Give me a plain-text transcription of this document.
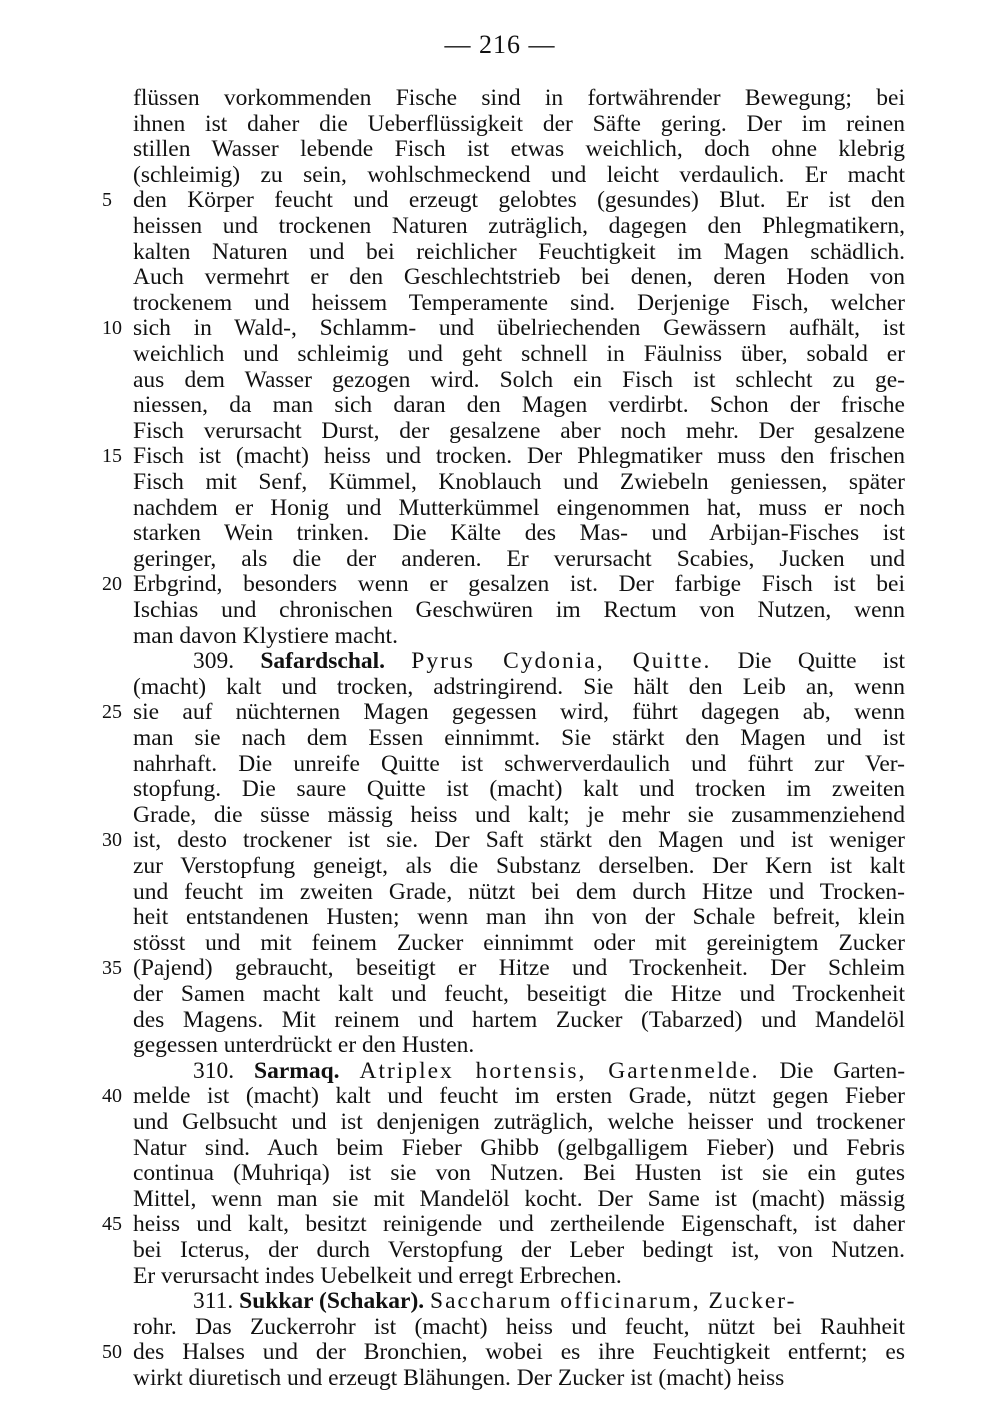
— 216 —
flüssen vorkommenden Fische sind in fortwährender Bewegung; bei
ihnen ist daher die Ueberflüssigkeit der Säfte gering. Der im reinen
stillen Wasser lebende Fisch ist etwas weichlich, doch ohne klebrig
(schleimig) zu sein, wohlschmeckend und leicht verdaulich. Er macht
den Körper feucht und erzeugt gelobtes (gesundes) Blut. Er ist den
heissen und trockenen Naturen zuträglich, dagegen den Phlegmatikern,
kalten Naturen und bei reichlicher Feuchtigkeit im Magen schädlich.
Auch vermehrt er den Geschlechtstrieb bei denen, deren Hoden von
trockenem und heissem Temperamente sind. Derjenige Fisch, welcher
sich in Wald-, Schlamm- und übelriechenden Gewässern aufhält, ist
weichlich und schleimig und geht schnell in Fäulniss über, sobald er
aus dem Wasser gezogen wird. Solch ein Fisch ist schlecht zu ge-
niessen, da man sich daran den Magen verdirbt. Schon der frische
Fisch verursacht Durst, der gesalzene aber noch mehr. Der gesalzene
Fisch ist (macht) heiss und trocken. Der Phlegmatiker muss den frischen
Fisch mit Senf, Kümmel, Knoblauch und Zwiebeln geniessen, später
nachdem er Honig und Mutterkümmel eingenommen hat, muss er noch
starken Wein trinken. Die Kälte des Mas- und Arbijan-Fisches ist
geringer, als die der anderen. Er verursacht Scabies, Jucken und
Erbgrind, besonders wenn er gesalzen ist. Der farbige Fisch ist bei
Ischias und chronischen Geschwüren im Rectum von Nutzen, wenn
man davon Klystiere macht.
309. Safardschal. Pyrus Cydonia, Quitte. Die Quitte ist
(macht) kalt und trocken, adstringirend. Sie hält den Leib an, wenn
sie auf nüchternen Magen gegessen wird, führt dagegen ab, wenn
man sie nach dem Essen einnimmt. Sie stärkt den Magen und ist
nahrhaft. Die unreife Quitte ist schwerverdaulich und führt zur Ver-
stopfung. Die saure Quitte ist (macht) kalt und trocken im zweiten
Grade, die süsse mässig heiss und kalt; je mehr sie zusammenziehend
ist, desto trockener ist sie. Der Saft stärkt den Magen und ist weniger
zur Verstopfung geneigt, als die Substanz derselben. Der Kern ist kalt
und feucht im zweiten Grade, nützt bei dem durch Hitze und Trocken-
heit entstandenen Husten; wenn man ihn von der Schale befreit, klein
stösst und mit feinem Zucker einnimmt oder mit gereinigtem Zucker
(Pajend) gebraucht, beseitigt er Hitze und Trockenheit. Der Schleim
der Samen macht kalt und feucht, beseitigt die Hitze und Trockenheit
des Magens. Mit reinem und hartem Zucker (Tabarzed) und Mandelöl
gegessen unterdrückt er den Husten.
310. Sarmaq. Atriplex hortensis, Gartenmelde. Die Garten-
melde ist (macht) kalt und feucht im ersten Grade, nützt gegen Fieber
und Gelbsucht und ist denjenigen zuträglich, welche heisser und trockener
Natur sind. Auch beim Fieber Ghibb (gelbgalligem Fieber) und Febris
continua (Muhriqa) ist sie von Nutzen. Bei Husten ist sie ein gutes
Mittel, wenn man sie mit Mandelöl kocht. Der Same ist (macht) mässig
heiss und kalt, besitzt reinigende und zertheilende Eigenschaft, ist daher
bei Icterus, der durch Verstopfung der Leber bedingt ist, von Nutzen.
Er verursacht indes Uebelkeit und erregt Erbrechen.
311. Sukkar (Schakar). Saccharum officinarum, Zucker-
rohr. Das Zuckerrohr ist (macht) heiss und feucht, nützt bei Rauhheit
des Halses und der Bronchien, wobei es ihre Feuchtigkeit entfernt; es
wirkt diuretisch und erzeugt Blähungen. Der Zucker ist (macht) heiss
5
10
15
20
25
30
35
40
45
50
